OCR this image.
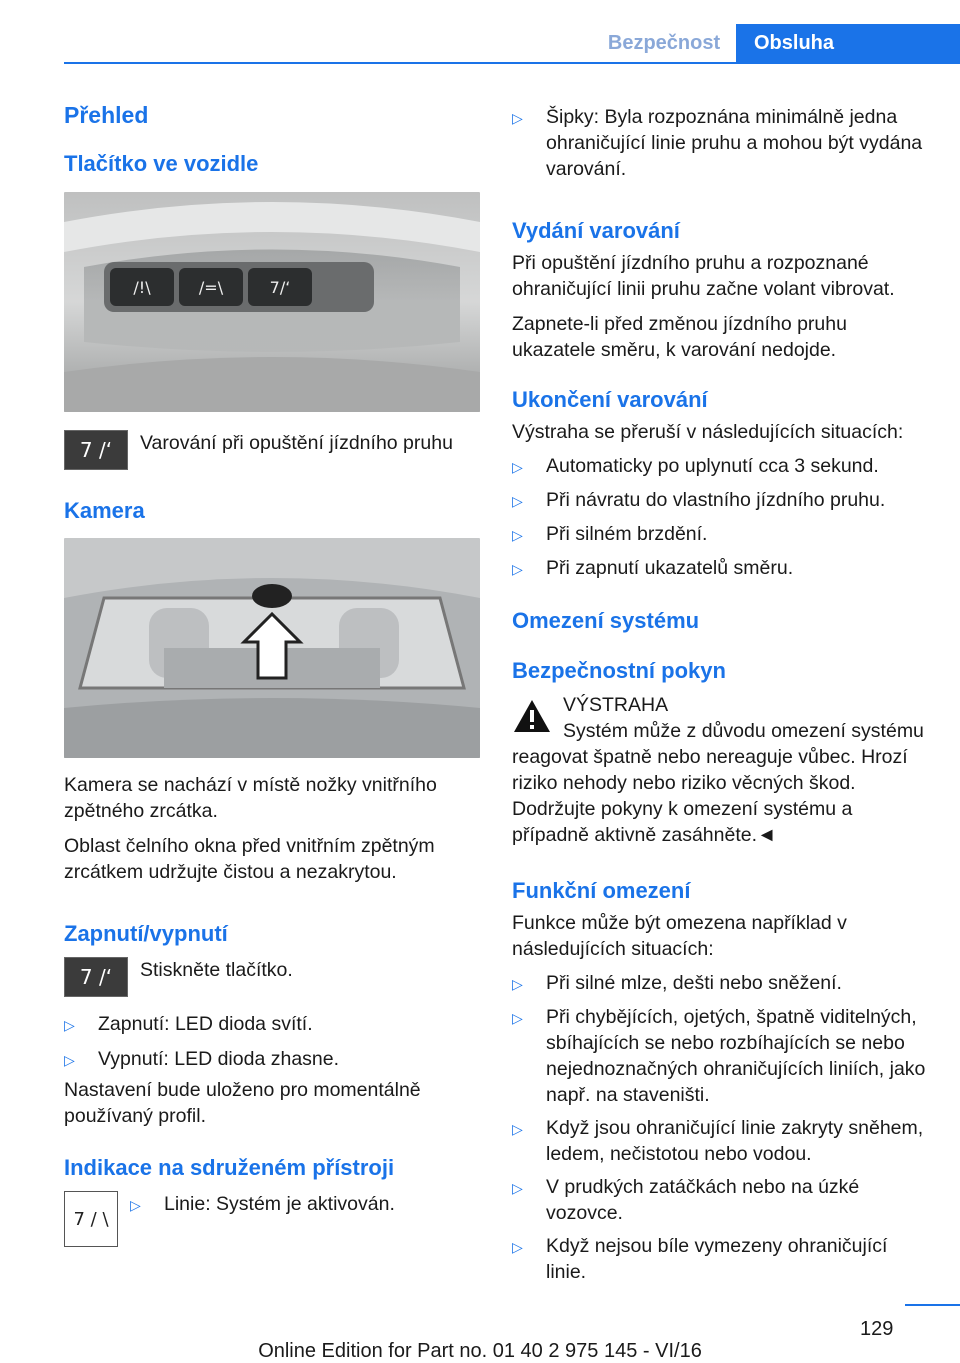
Bezpečnost	Obsluha
Přehled
Tlačítko ve vozidle
/!\	/=\	7/‘
7 /‘ Varování při opuštění jízdního pruhu
Kamera
Kamera se nachází v místě nožky vnitřního zpětného zrcátka.
Oblast čelního okna před vnitřním zpětným zrcátkem udržujte čistou a nezakrytou.
Zapnutí/vypnutí
7 /‘ Stiskněte tlačítko.
▷	Zapnutí: LED dioda svítí.
▷	Vypnutí: LED dioda zhasne.
Nastavení bude uloženo pro momentálně používaný profil.
Indikace na sdruženém přístroji
7 / \
▷	Linie: Systém je aktivován.
▷	Šipky: Byla rozpoznána minimálně jedna ohraničující linie pruhu a mohou být vydána varování.
Vydání varování
Při opuštění jízdního pruhu a rozpoznané ohraničující linii pruhu začne volant vibrovat.
Zapnete-li před změnou jízdního pruhu ukazatele směru, k varování nedojde.
Ukončení varování
Výstraha se přeruší v následujících situacích:
▷	Automaticky po uplynutí cca 3 sekund.
▷	Při návratu do vlastního jízdního pruhu.
▷	Při silném brzdění.
▷	Při zapnutí ukazatelů směru.
Omezení systému
Bezpečnostní pokyn
VÝSTRAHA
Systém může z důvodu omezení systému reagovat špatně nebo nereaguje vůbec. Hrozí riziko nehody nebo riziko věcných škod. Dodržujte pokyny k omezení systému a případně aktivně zasáhněte.◄
Funkční omezení
Funkce může být omezena například v následujících situacích:
▷	Při silné mlze, dešti nebo sněžení.
▷	Při chybějících, ojetých, špatně viditelných, sbíhajících se nebo rozbíhajících se nebo nejednoznačných ohraničujících liniích, jako např. na staveništi.
▷	Když jsou ohraničující linie zakryty sněhem, ledem, nečistotou nebo vodou.
▷	V prudkých zatáčkách nebo na úzké vozovce.
▷	Když nejsou bíle vymezeny ohraničující linie.
129
Online Edition for Part no. 01 40 2 975 145 - VI/16
